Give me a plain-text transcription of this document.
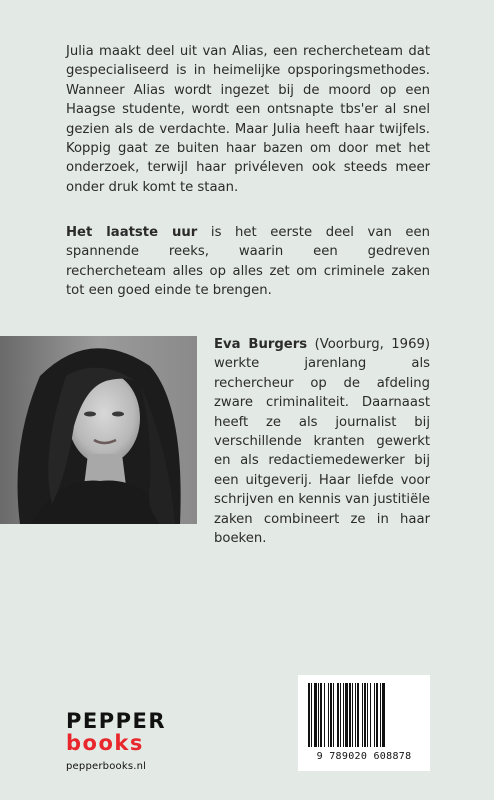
Julia maakt deel uit van Alias, een rechercheteam dat gespecialiseerd is in heimelijke opsporingsmethodes. Wanneer Alias wordt ingezet bij de moord op een Haagse studente, wordt een ontsnapte tbs'er al snel gezien als de verdachte. Maar Julia heeft haar twijfels. Koppig gaat ze buiten haar bazen om door met het onderzoek, terwijl haar privéleven ook steeds meer onder druk komt te staan.

Het laatste uur is het eerste deel van een spannende reeks, waarin een gedreven rechercheteam alles op alles zet om criminele zaken tot een goed einde te brengen.

Eva Burgers (Voorburg, 1969) werkte jarenlang als rechercheur op de afdeling zware criminaliteit. Daarnaast heeft ze als journalist bij verschillende kranten gewerkt en als redactiemedewerker bij een uitgeverij. Haar liefde voor schrijven en kennis van justitiële zaken combineert ze in haar boeken.

PEPPER
books
pepperbooks.nl
9 789020 608878
